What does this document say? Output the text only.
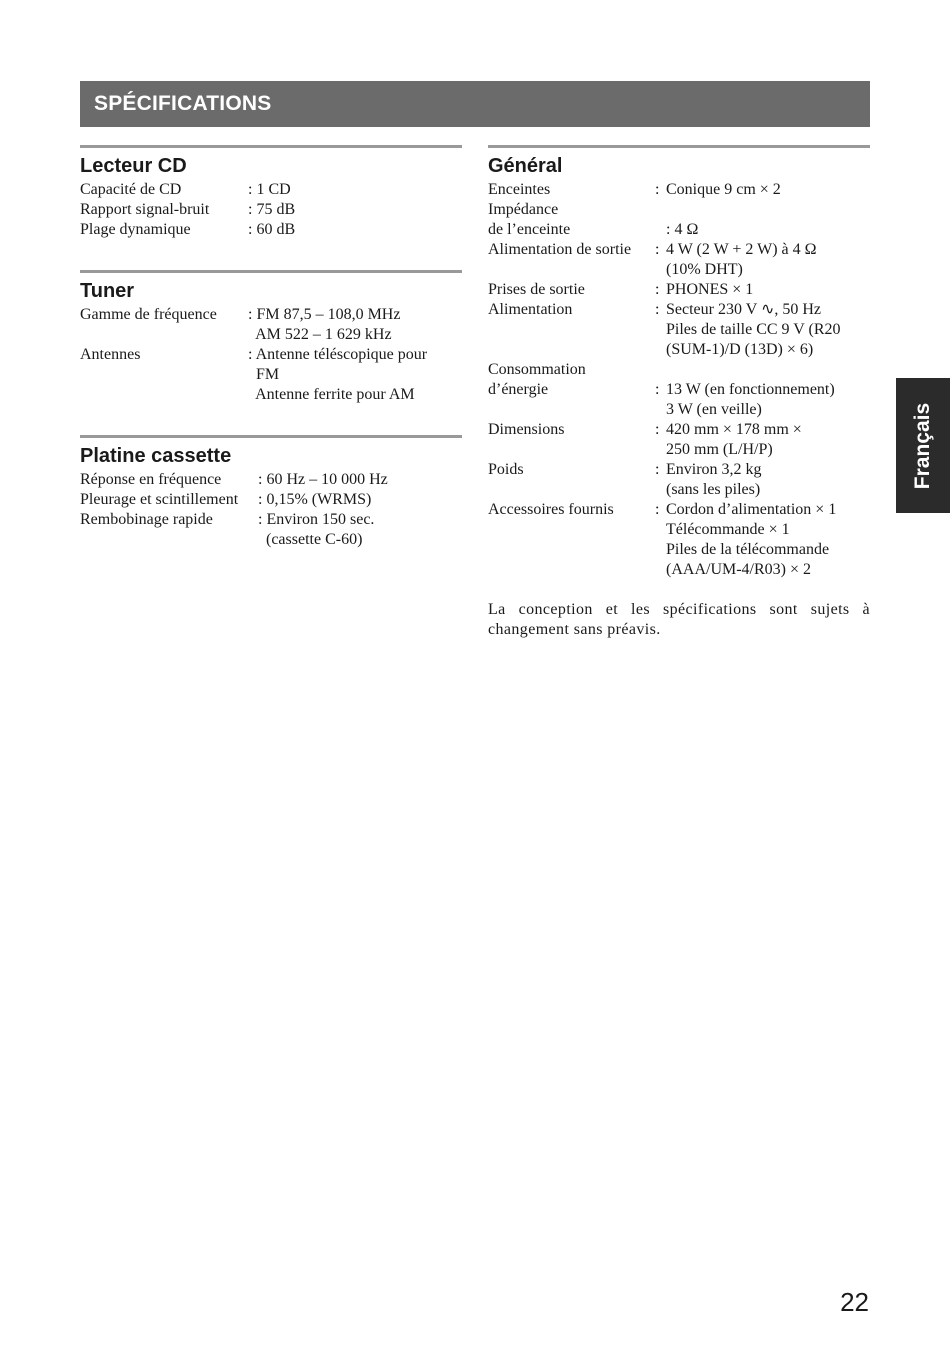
SPÉCIFICATIONS
Lecteur CD
Capacité de CD	: 1 CD
Rapport signal-bruit	: 75 dB
Plage dynamique	: 60 dB
Tuner
Gamme de fréquence	: FM 87,5 – 108,0 MHz
AM 522 – 1 629 kHz
Antennes	: Antenne téléscopique pour
FM
Antenne ferrite pour AM
Platine cassette
Réponse en fréquence	: 60 Hz – 10 000 Hz
Pleurage et scintillement	: 0,15% (WRMS)
Rembobinage rapide	: Environ 150 sec.
(cassette C-60)
Général
Enceintes	: Conique 9 cm × 2
Impédance
de l’enceinte	: 4 Ω
Alimentation de sortie	: 4 W (2 W + 2 W) à 4 Ω
(10% DHT)
Prises de sortie	: PHONES × 1
Alimentation	: Secteur 230 V ∿, 50 Hz
Piles de taille CC 9 V (R20
(SUM-1)/D (13D) × 6)
Consommation
d’énergie	: 13 W (en fonctionnement)
3 W (en veille)
Dimensions	: 420 mm × 178 mm ×
250 mm (L/H/P)
Poids	: Environ 3,2 kg
(sans les piles)
Accessoires fournis	: Cordon d’alimentation × 1
Télécommande × 1
Piles de la télécommande
(AAA/UM-4/R03) × 2
La conception et les spécifications sont sujets à changement sans préavis.
Français
22
